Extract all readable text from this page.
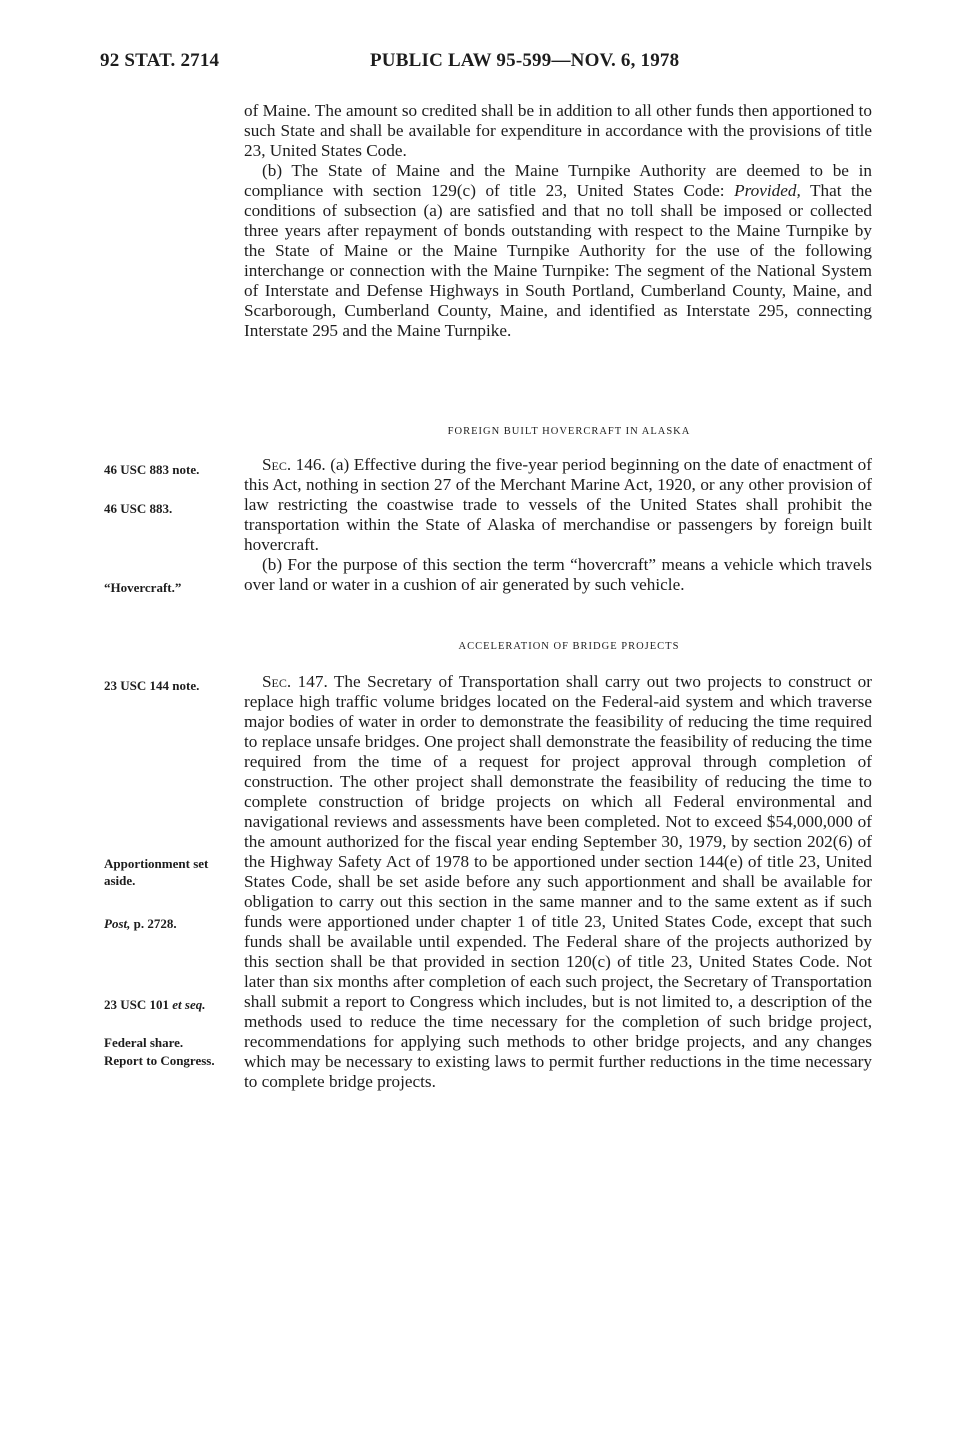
92 STAT. 2714	PUBLIC LAW 95-599—NOV. 6, 1978

of Maine. The amount so credited shall be in addition to all other funds then apportioned to such State and shall be available for expenditure in accordance with the provisions of title 23, United States Code.

(b) The State of Maine and the Maine Turnpike Authority are deemed to be in compliance with section 129(c) of title 23, United States Code: Provided, That the conditions of subsection (a) are satisfied and that no toll shall be imposed or collected three years after repayment of bonds outstanding with respect to the Maine Turnpike by the State of Maine or the Maine Turnpike Authority for the use of the following interchange or connection with the Maine Turnpike: The segment of the National System of Interstate and Defense Highways in South Portland, Cumberland County, Maine, and Scarborough, Cumberland County, Maine, and identified as Interstate 295, connecting Interstate 295 and the Maine Turnpike.

FOREIGN BUILT HOVERCRAFT IN ALASKA

Sec. 146. (a) Effective during the five-year period beginning on the date of enactment of this Act, nothing in section 27 of the Merchant Marine Act, 1920, or any other provision of law restricting the coastwise trade to vessels of the United States shall prohibit the transportation within the State of Alaska of merchandise or passengers by foreign built hovercraft.

(b) For the purpose of this section the term “hovercraft” means a vehicle which travels over land or water in a cushion of air generated by such vehicle.

ACCELERATION OF BRIDGE PROJECTS

Sec. 147. The Secretary of Transportation shall carry out two projects to construct or replace high traffic volume bridges located on the Federal-aid system and which traverse major bodies of water in order to demonstrate the feasibility of reducing the time required to replace unsafe bridges. One project shall demonstrate the feasibility of reducing the time required from the time of a request for project approval through completion of construction. The other project shall demonstrate the feasibility of reducing the time to complete construction of bridge projects on which all Federal environmental and navigational reviews and assessments have been completed. Not to exceed $54,000,000 of the amount authorized for the fiscal year ending September 30, 1979, by section 202(6) of the Highway Safety Act of 1978 to be apportioned under section 144(e) of title 23, United States Code, shall be set aside before any such apportionment and shall be available for obligation to carry out this section in the same manner and to the same extent as if such funds were apportioned under chapter 1 of title 23, United States Code, except that such funds shall be available until expended. The Federal share of the projects authorized by this section shall be that provided in section 120(c) of title 23, United States Code. Not later than six months after completion of each such project, the Secretary of Transportation shall submit a report to Congress which includes, but is not limited to, a description of the methods used to reduce the time necessary for the completion of such bridge project, recommendations for applying such methods to other bridge projects, and any changes which may be necessary to existing laws to permit further reductions in the time necessary to complete bridge projects.

46 USC 883 note.
46 USC 883.
“Hovercraft.”
23 USC 144 note.
Apportionment set aside.
Post, p. 2728.
23 USC 101 et seq.
Federal share.
Report to Congress.
